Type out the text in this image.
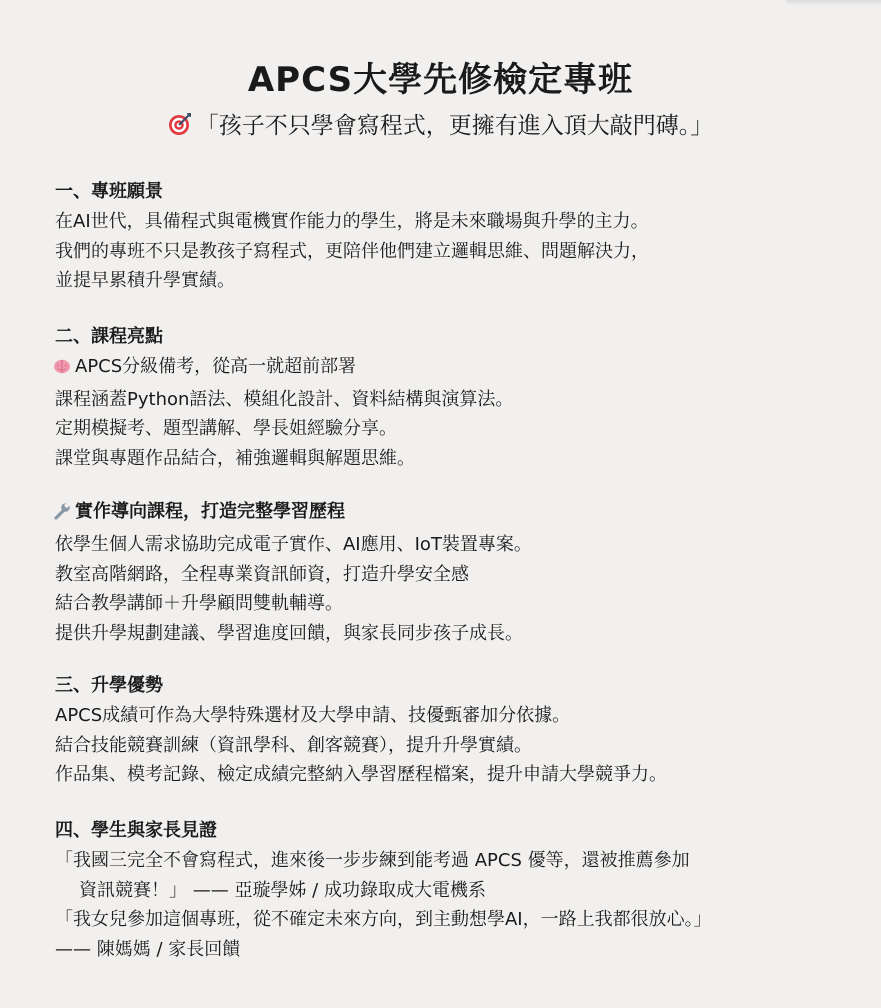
APCS大學先修檢定專班
「孩子不只學會寫程式，更擁有進入頂大敲門磚。」

一、專班願景

在AI世代，具備程式與電機實作能力的學生，將是未來職場與升學的主力。

我們的專班不只是教孩子寫程式，更陪伴他們建立邏輯思維、問題解決力，

並提早累積升學實績。

二、課程亮點

APCS分級備考，從高一就超前部署

課程涵蓋Python語法、模組化設計、資料結構與演算法。

定期模擬考、題型講解、學長姐經驗分享。

課堂與專題作品結合，補強邏輯與解題思維。

實作導向課程，打造完整學習歷程

依學生個人需求協助完成電子實作、AI應用、IoT裝置專案。

教室高階網路，全程專業資訊師資，打造升學安全感

結合教學講師＋升學顧問雙軌輔導。

提供升學規劃建議、學習進度回饋，與家長同步孩子成長。

三、升學優勢

APCS成績可作為大學特殊選材及大學申請、技優甄審加分依據。

結合技能競賽訓練（資訊學科、創客競賽），提升升學實績。

作品集、模考記錄、檢定成績完整納入學習歷程檔案，提升申請大學競爭力。

四、學生與家長見證

「我國三完全不會寫程式，進來後一步步練到能考過 APCS 優等，還被推薦參加

資訊競賽！」 —— 亞璇學姊 / 成功錄取成大電機系

「我女兒參加這個專班，從不確定未來方向，到主動想學AI，一路上我都很放心。」

—— 陳媽媽 / 家長回饋
